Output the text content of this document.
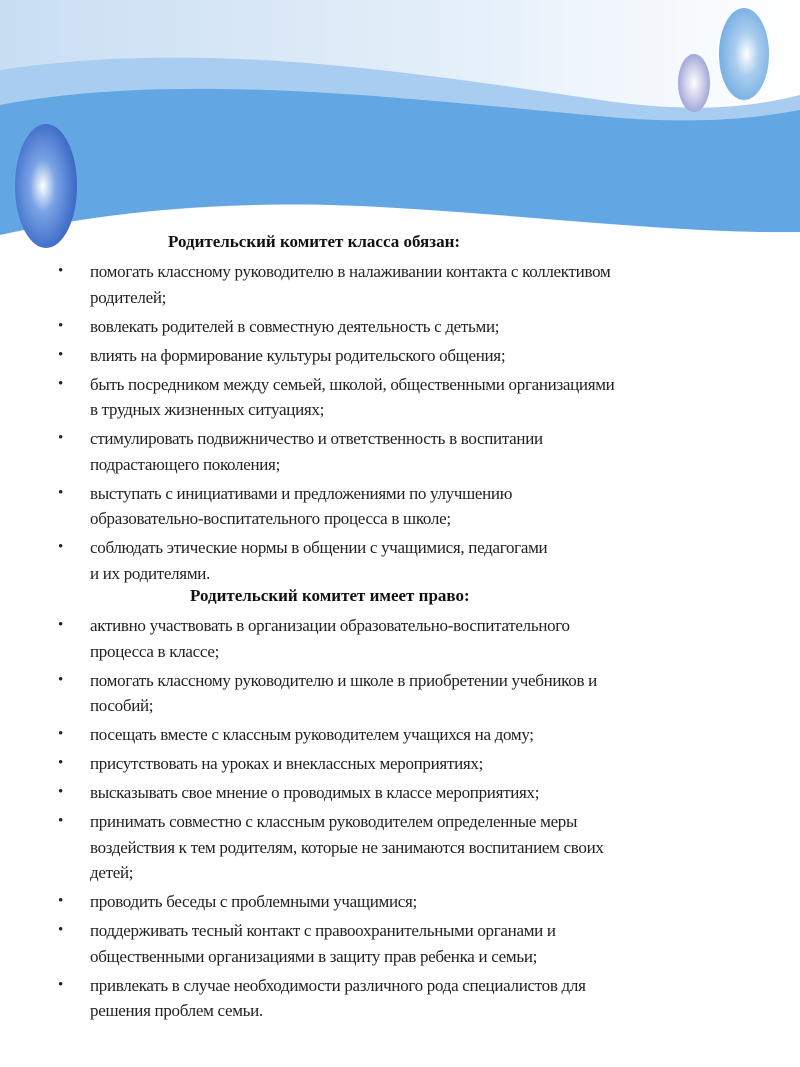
Родительский комитет класса обязан:
• помогать классному руководителю в налаживании контакта с коллективом
родителей;
• вовлекать родителей в совместную деятельность с детьми;
• влиять на формирование культуры родительского общения;
• быть посредником между семьей, школой, общественными организациями
в трудных жизненных ситуациях;
• стимулировать подвижничество и ответственность в воспитании
подрастающего поколения;
• выступать с инициативами и предложениями по улучшению
образовательно-воспитательного процесса в школе;
• соблюдать этические нормы в общении с учащимися, педагогами
и их родителями.
Родительский комитет имеет право:
• активно участвовать в организации образовательно-воспитательного
процесса в классе;
• помогать классному руководителю и школе в приобретении учебников и
пособий;
• посещать вместе с классным руководителем учащихся на дому;
• присутствовать на уроках и внеклассных мероприятиях;
• высказывать свое мнение о проводимых в классе мероприятиях;
• принимать совместно с классным руководителем определенные меры
воздействия к тем родителям, которые не занимаются воспитанием своих
детей;
• проводить беседы с проблемными учащимися;
• поддерживать тесный контакт с правоохранительными органами и
общественными организациями в защиту прав ребенка и семьи;
• привлекать в случае необходимости различного рода специалистов для
решения проблем семьи.
